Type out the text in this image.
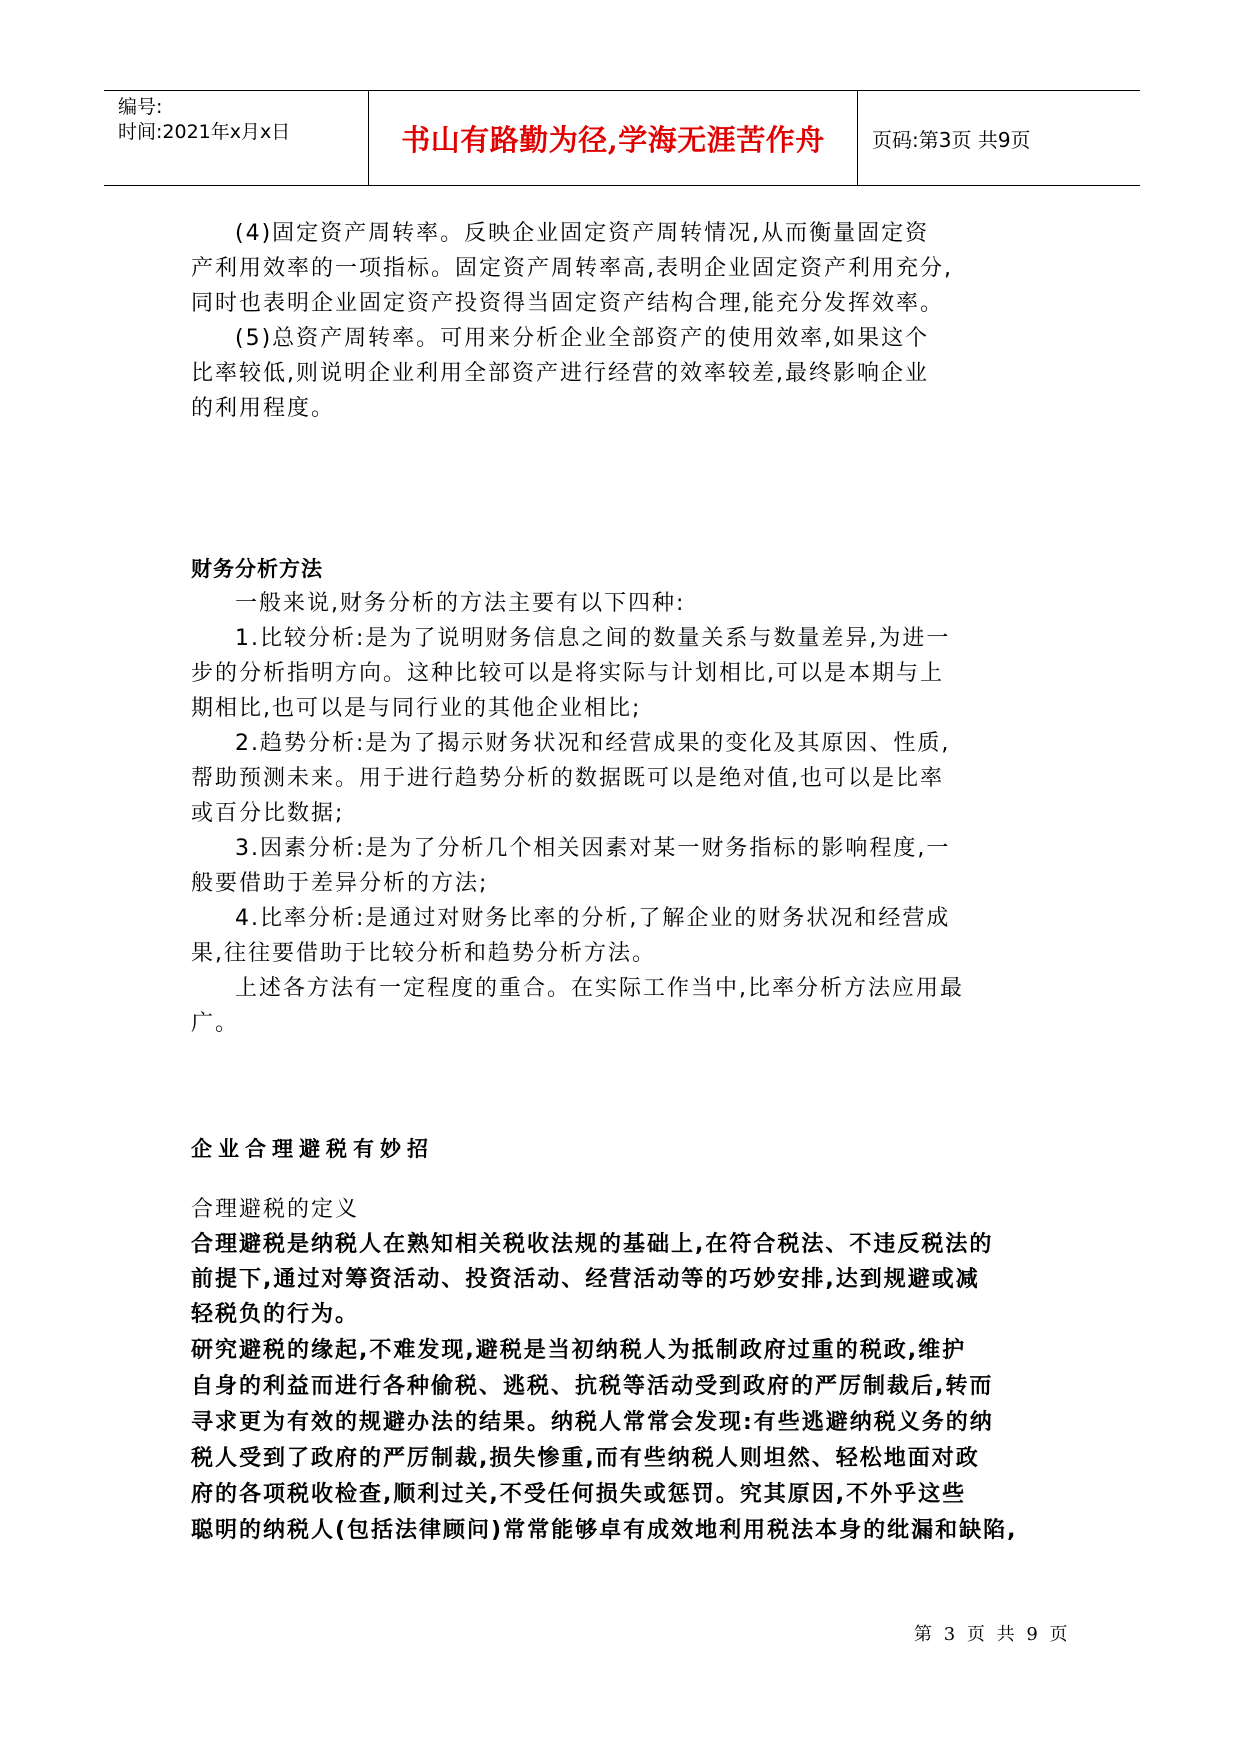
编号:
时间:2021年x月x日	书山有路勤为径,学海无涯苦作舟	页码:第3页 共9页
(4)固定资产周转率。反映企业固定资产周转情况,从而衡量固定资
产利用效率的一项指标。固定资产周转率高,表明企业固定资产利用充分,
同时也表明企业固定资产投资得当固定资产结构合理,能充分发挥效率。
(5)总资产周转率。可用来分析企业全部资产的使用效率,如果这个
比率较低,则说明企业利用全部资产进行经营的效率较差,最终影响企业
的利用程度。
财务分析方法
一般来说,财务分析的方法主要有以下四种:
1.比较分析:是为了说明财务信息之间的数量关系与数量差异,为进一
步的分析指明方向。这种比较可以是将实际与计划相比,可以是本期与上
期相比,也可以是与同行业的其他企业相比;
2.趋势分析:是为了揭示财务状况和经营成果的变化及其原因、性质,
帮助预测未来。用于进行趋势分析的数据既可以是绝对值,也可以是比率
或百分比数据;
3.因素分析:是为了分析几个相关因素对某一财务指标的影响程度,一
般要借助于差异分析的方法;
4.比率分析:是通过对财务比率的分析,了解企业的财务状况和经营成
果,往往要借助于比较分析和趋势分析方法。
上述各方法有一定程度的重合。在实际工作当中,比率分析方法应用最
广。
企业合理避税有妙招
合理避税的定义
合理避税是纳税人在熟知相关税收法规的基础上,在符合税法、不违反税法的
前提下,通过对筹资活动、投资活动、经营活动等的巧妙安排,达到规避或减
轻税负的行为。
研究避税的缘起,不难发现,避税是当初纳税人为抵制政府过重的税政,维护
自身的利益而进行各种偷税、逃税、抗税等活动受到政府的严厉制裁后,转而
寻求更为有效的规避办法的结果。纳税人常常会发现:有些逃避纳税义务的纳
税人受到了政府的严厉制裁,损失惨重,而有些纳税人则坦然、轻松地面对政
府的各项税收检查,顺利过关,不受任何损失或惩罚。究其原因,不外乎这些
聪明的纳税人(包括法律顾问)常常能够卓有成效地利用税法本身的纰漏和缺陷,
第 3 页 共 9 页
